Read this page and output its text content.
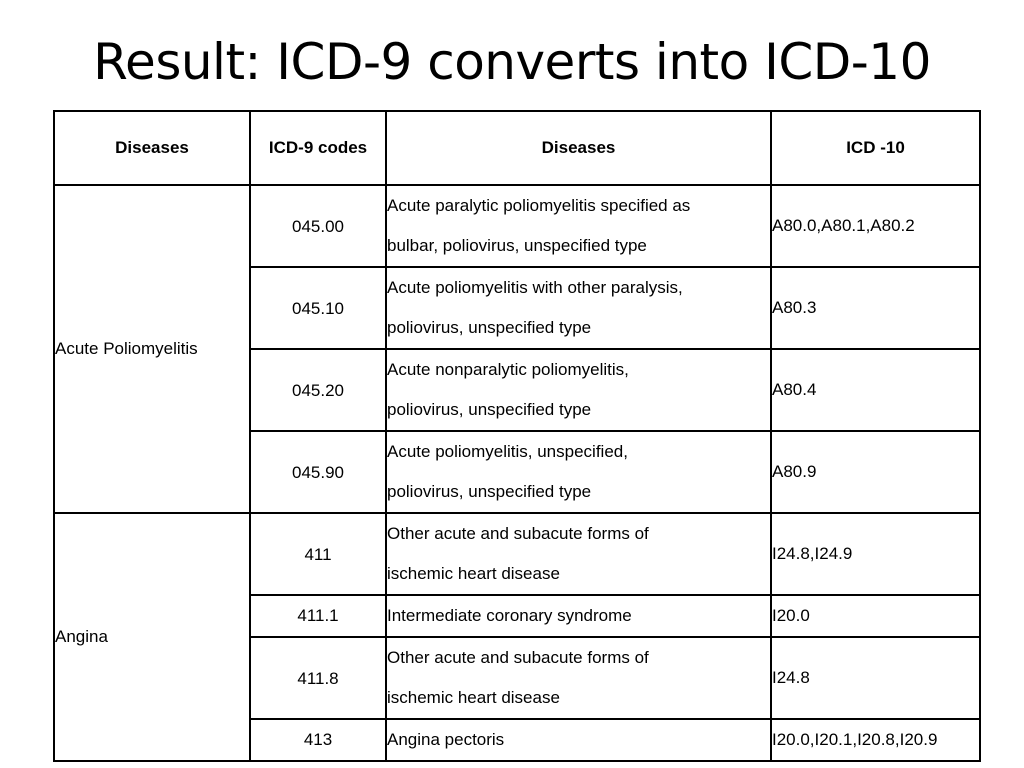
Result: ICD-9 converts into ICD-10
Diseases	ICD-9 codes	Diseases	ICD -10
Acute Poliomyelitis	045.00	Acute paralytic poliomyelitis specified as
bulbar, poliovirus, unspecified type	A80.0,A80.1,A80.2

	045.10	Acute poliomyelitis with other paralysis,
poliovirus, unspecified type	A80.3

	045.20	Acute nonparalytic poliomyelitis,
poliovirus, unspecified type	A80.4

	045.90	Acute poliomyelitis, unspecified,
poliovirus, unspecified type	A80.9

Angina	411	Other acute and subacute forms of
ischemic heart disease	I24.8,I24.9

	411.1	Intermediate coronary syndrome	I20.0

	411.8	Other acute and subacute forms of
ischemic heart disease	I24.8

	413	Angina pectoris	I20.0,I20.1,I20.8,I20.9
